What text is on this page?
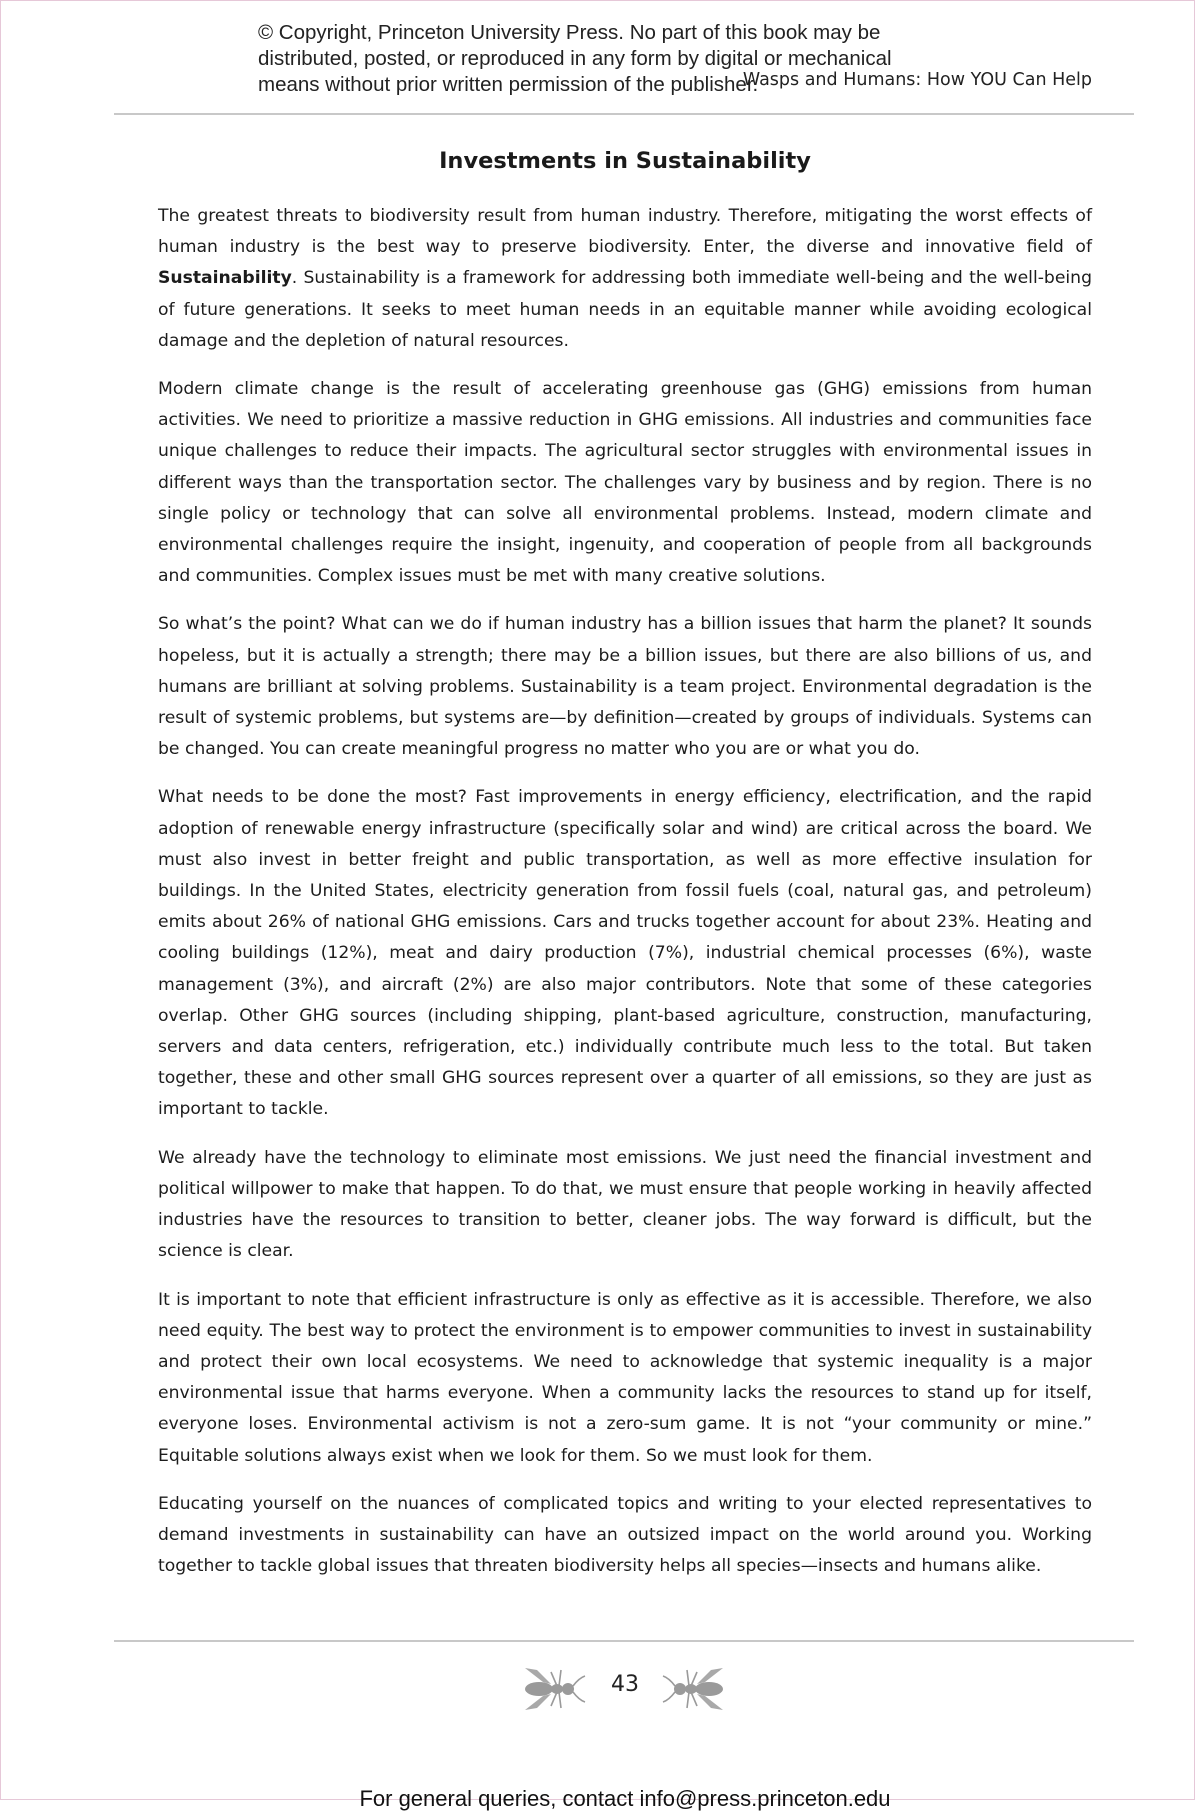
© Copyright, Princeton University Press. No part of this book may be distributed, posted, or reproduced in any form by digital or mechanical means without prior written permission of the publisher.
Wasps and Humans: How YOU Can Help
Investments in Sustainability

The greatest threats to biodiversity result from human industry. Therefore, mitigating the worst effects of human industry is the best way to preserve biodiversity. Enter, the diverse and innovative field of Sustainability. Sustainability is a framework for addressing both immediate well-being and the well-being of future generations. It seeks to meet human needs in an equitable manner while avoiding ecological damage and the depletion of natural resources.

Modern climate change is the result of accelerating greenhouse gas (GHG) emissions from human activities. We need to prioritize a massive reduction in GHG emissions. All industries and communities face unique challenges to reduce their impacts. The agricultural sector struggles with environmental issues in different ways than the transportation sector. The challenges vary by business and by region. There is no single policy or technology that can solve all environmental problems. Instead, modern climate and environmental challenges require the insight, ingenuity, and cooperation of people from all backgrounds and communities. Complex issues must be met with many creative solutions.

So what’s the point? What can we do if human industry has a billion issues that harm the planet? It sounds hopeless, but it is actually a strength; there may be a billion issues, but there are also billions of us, and humans are brilliant at solving problems. Sustainability is a team project. Environmental degradation is the result of systemic problems, but systems are—by definition—created by groups of individuals. Systems can be changed. You can create meaningful progress no matter who you are or what you do.

What needs to be done the most? Fast improvements in energy efficiency, electrification, and the rapid adoption of renewable energy infrastructure (specifically solar and wind) are critical across the board. We must also invest in better freight and public transportation, as well as more effective insulation for buildings. In the United States, electricity generation from fossil fuels (coal, natural gas, and petroleum) emits about 26% of national GHG emissions. Cars and trucks together account for about 23%. Heating and cooling buildings (12%), meat and dairy production (7%), industrial chemical processes (6%), waste management (3%), and aircraft (2%) are also major contributors. Note that some of these categories overlap. Other GHG sources (including shipping, plant-based agriculture, construction, manufacturing, servers and data centers, refrigeration, etc.) individually contribute much less to the total. But taken together, these and other small GHG sources represent over a quarter of all emissions, so they are just as important to tackle.

We already have the technology to eliminate most emissions. We just need the financial investment and political willpower to make that happen. To do that, we must ensure that people working in heavily affected industries have the resources to transition to better, cleaner jobs. The way forward is difficult, but the science is clear.

It is important to note that efficient infrastructure is only as effective as it is accessible. Therefore, we also need equity. The best way to protect the environment is to empower communities to invest in sustainability and protect their own local ecosystems. We need to acknowledge that systemic inequality is a major environmental issue that harms everyone. When a community lacks the resources to stand up for itself, everyone loses. Environmental activism is not a zero-sum game. It is not “your community or mine.” Equitable solutions always exist when we look for them. So we must look for them.

Educating yourself on the nuances of complicated topics and writing to your elected representatives to demand investments in sustainability can have an outsized impact on the world around you. Working together to tackle global issues that threaten biodiversity helps all species—insects and humans alike.

43
For general queries, contact info@press.princeton.edu
